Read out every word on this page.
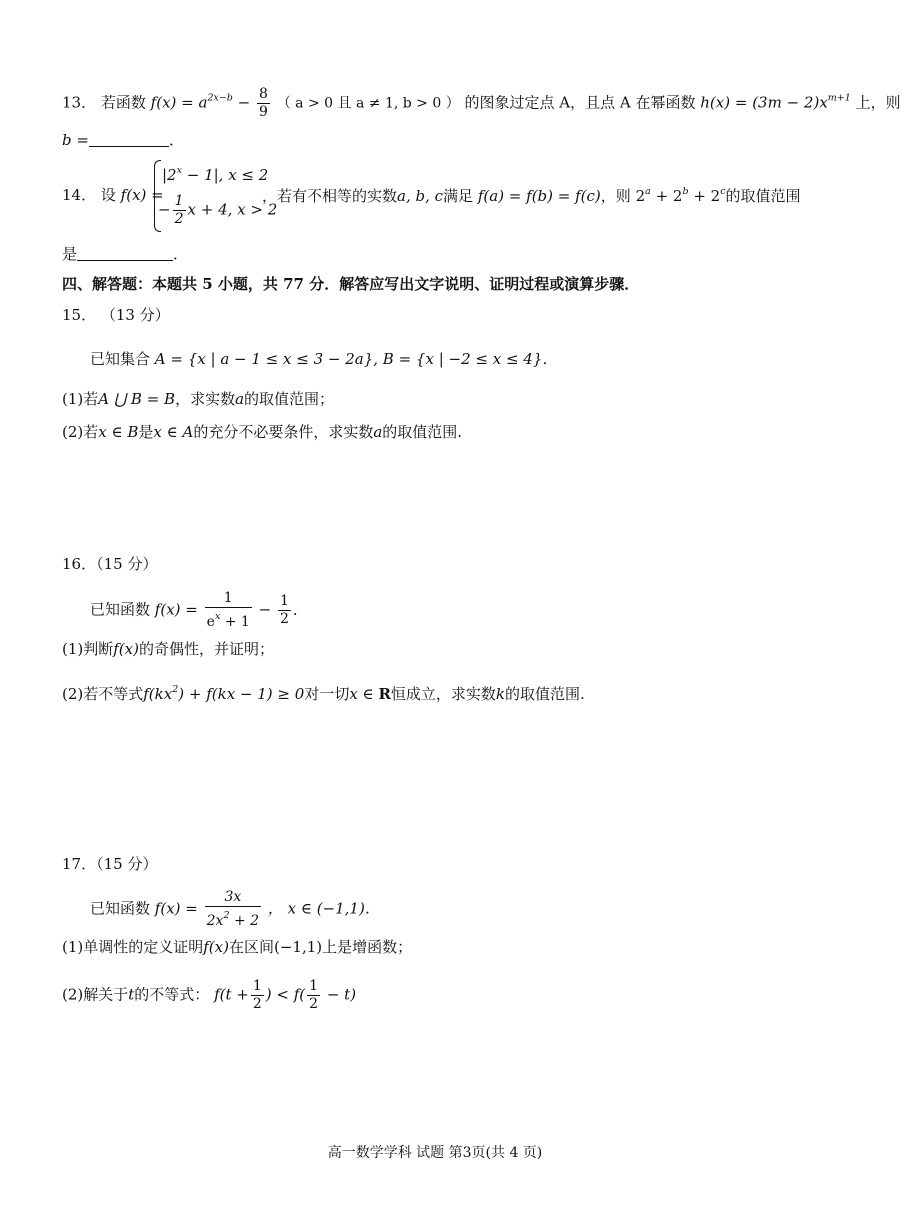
13． 若函数 $f(x) = a^{2x-b} - \frac{8}{9}$ （ a > 0 且 a ≠ 1, b > 0 ） 的图象过定点 A，且点 A 在幂函数 $h(x) = (3m - 2)x^{m+1}$ 上，则
b =	．
14． 设 f(x) =
$|2^x - 1|$, x ≤ 2
− $\frac{1}{2}$ x + 4, x > 2
，若有不相等的实数a, b, c满足 f(a) = f(b) = f(c)，则 $2^a + 2^b + 2^c$的取值范围
是	．
四、解答题：本题共 5 小题，共 77 分．解答应写出文字说明、证明过程或演算步骤．
15． （13 分）
已知集合 A = {x | a − 1 ≤ x ≤ 3 − 2a}, B = {x | −2 ≤ x ≤ 4}．
(1)若A ⋃ B = B，求实数a的取值范围；
(2)若x ∈ B是x ∈ A的充分不必要条件，求实数a的取值范围.
16．（15 分）
已知函数 $f(x) = \frac{1}{e^x + 1} - \frac{1}{2}$ ．
(1)判断f(x)的奇偶性，并证明；
(2)若不等式$f(kx^2) + f(kx - 1) \ge 0$对一切x ∈ R恒成立，求实数k的取值范围.
17．（15 分）
已知函数 $f(x) = \frac{3x}{2x^2 + 2}$ ， x ∈ (−1,1)．
(1)单调性的定义证明f(x)在区间(−1,1)上是增函数；
(2)解关于t的不等式： $f(t + \frac{1}{2}$ ) < $f( \frac{1}{2} - t)$
高一数学学科 试题 第3页(共 4 页)
